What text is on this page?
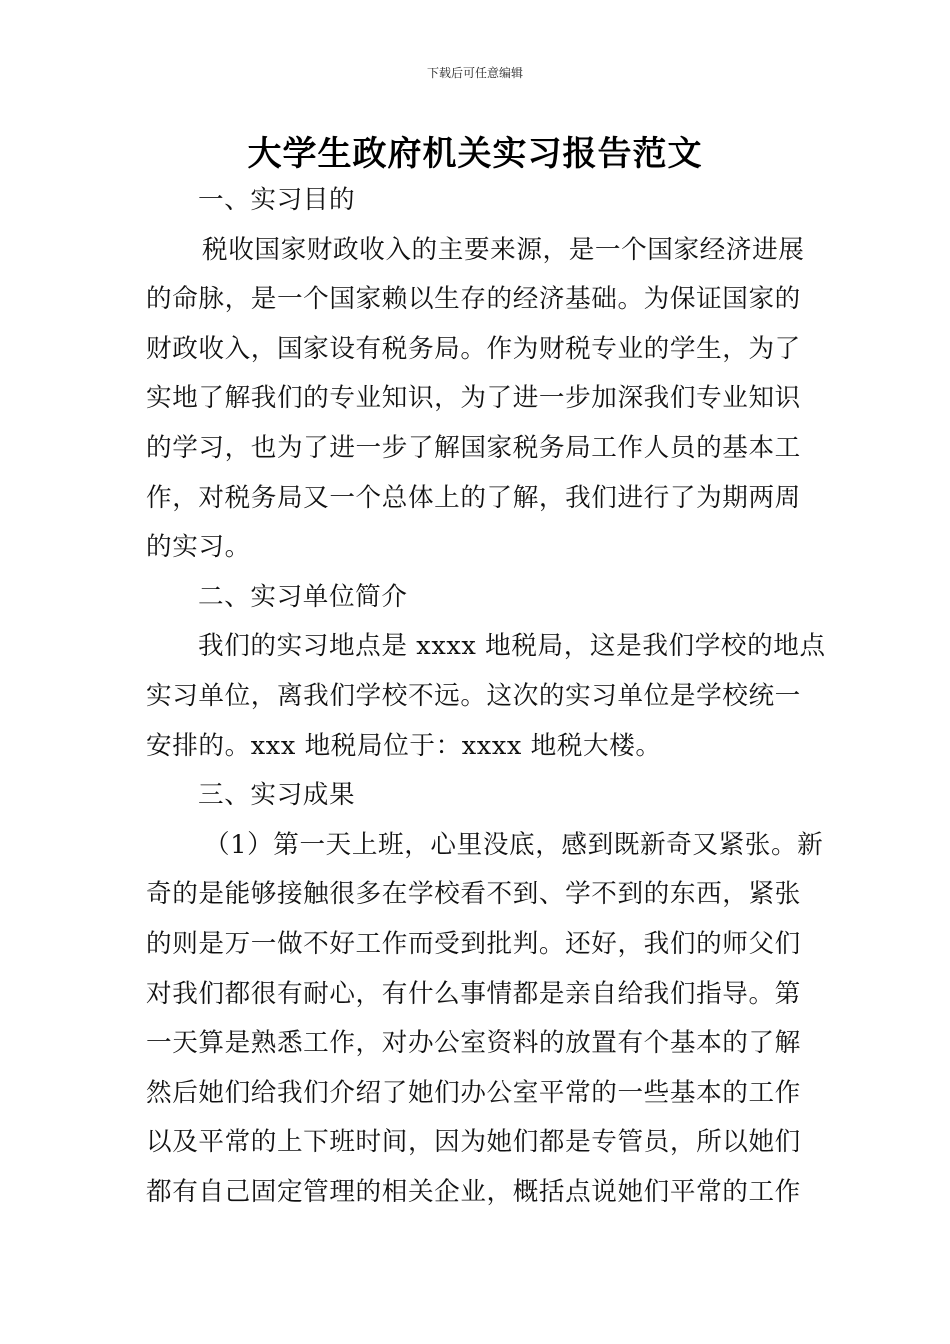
下载后可任意编辑
大学生政府机关实习报告范文
一、实习目的
税收国家财政收入的主要来源，是一个国家经济进展
的命脉，是一个国家赖以生存的经济基础。为保证国家的
财政收入，国家设有税务局。作为财税专业的学生，为了
实地了解我们的专业知识，为了进一步加深我们专业知识
的学习，也为了进一步了解国家税务局工作人员的基本工
作，对税务局又一个总体上的了解，我们进行了为期两周
的实习。
二、实习单位简介
我们的实习地点是 xxxx 地税局，这是我们学校的地点
实习单位，离我们学校不远。这次的实习单位是学校统一
安排的。xxx 地税局位于：xxxx 地税大楼。
三、实习成果
（1）第一天上班，心里没底，感到既新奇又紧张。新
奇的是能够接触很多在学校看不到、学不到的东西，紧张
的则是万一做不好工作而受到批判。还好，我们的师父们
对我们都很有耐心，有什么事情都是亲自给我们指导。第
一天算是熟悉工作，对办公室资料的放置有个基本的了解
然后她们给我们介绍了她们办公室平常的一些基本的工作
以及平常的上下班时间，因为她们都是专管员，所以她们
都有自己固定管理的相关企业，概括点说她们平常的工作
